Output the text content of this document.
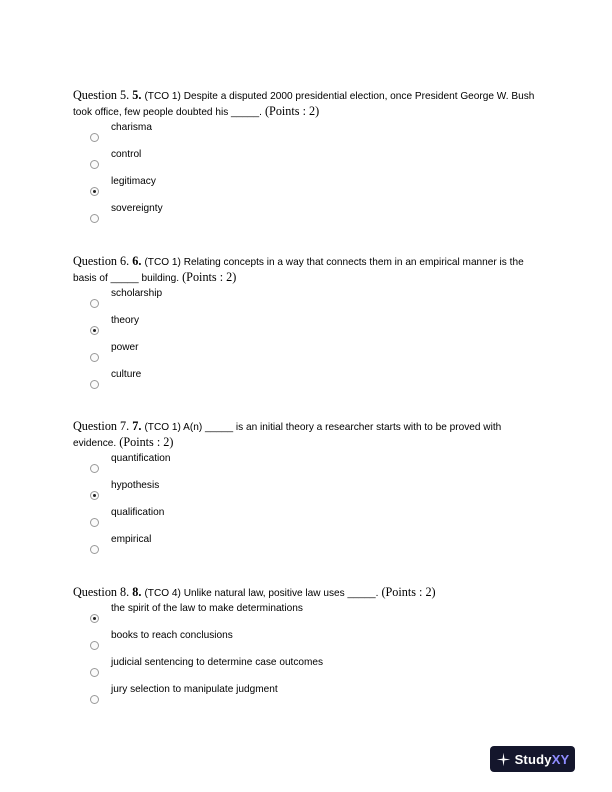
Question 5. 5. (TCO 1) Despite a disputed 2000 presidential election, once President George W. Bush took office, few people doubted his _____. (Points : 2)
charisma
control
legitimacy
sovereignty
Question 6. 6. (TCO 1) Relating concepts in a way that connects them in an empirical manner is the basis of _____ building. (Points : 2)
scholarship
theory
power
culture
Question 7. 7. (TCO 1) A(n) _____ is an initial theory a researcher starts with to be proved with evidence. (Points : 2)
quantification
hypothesis
qualification
empirical
Question 8. 8. (TCO 4) Unlike natural law, positive law uses _____. (Points : 2)
the spirit of the law to make determinations
books to reach conclusions
judicial sentencing to determine case outcomes
jury selection to manipulate judgment
StudyXY
